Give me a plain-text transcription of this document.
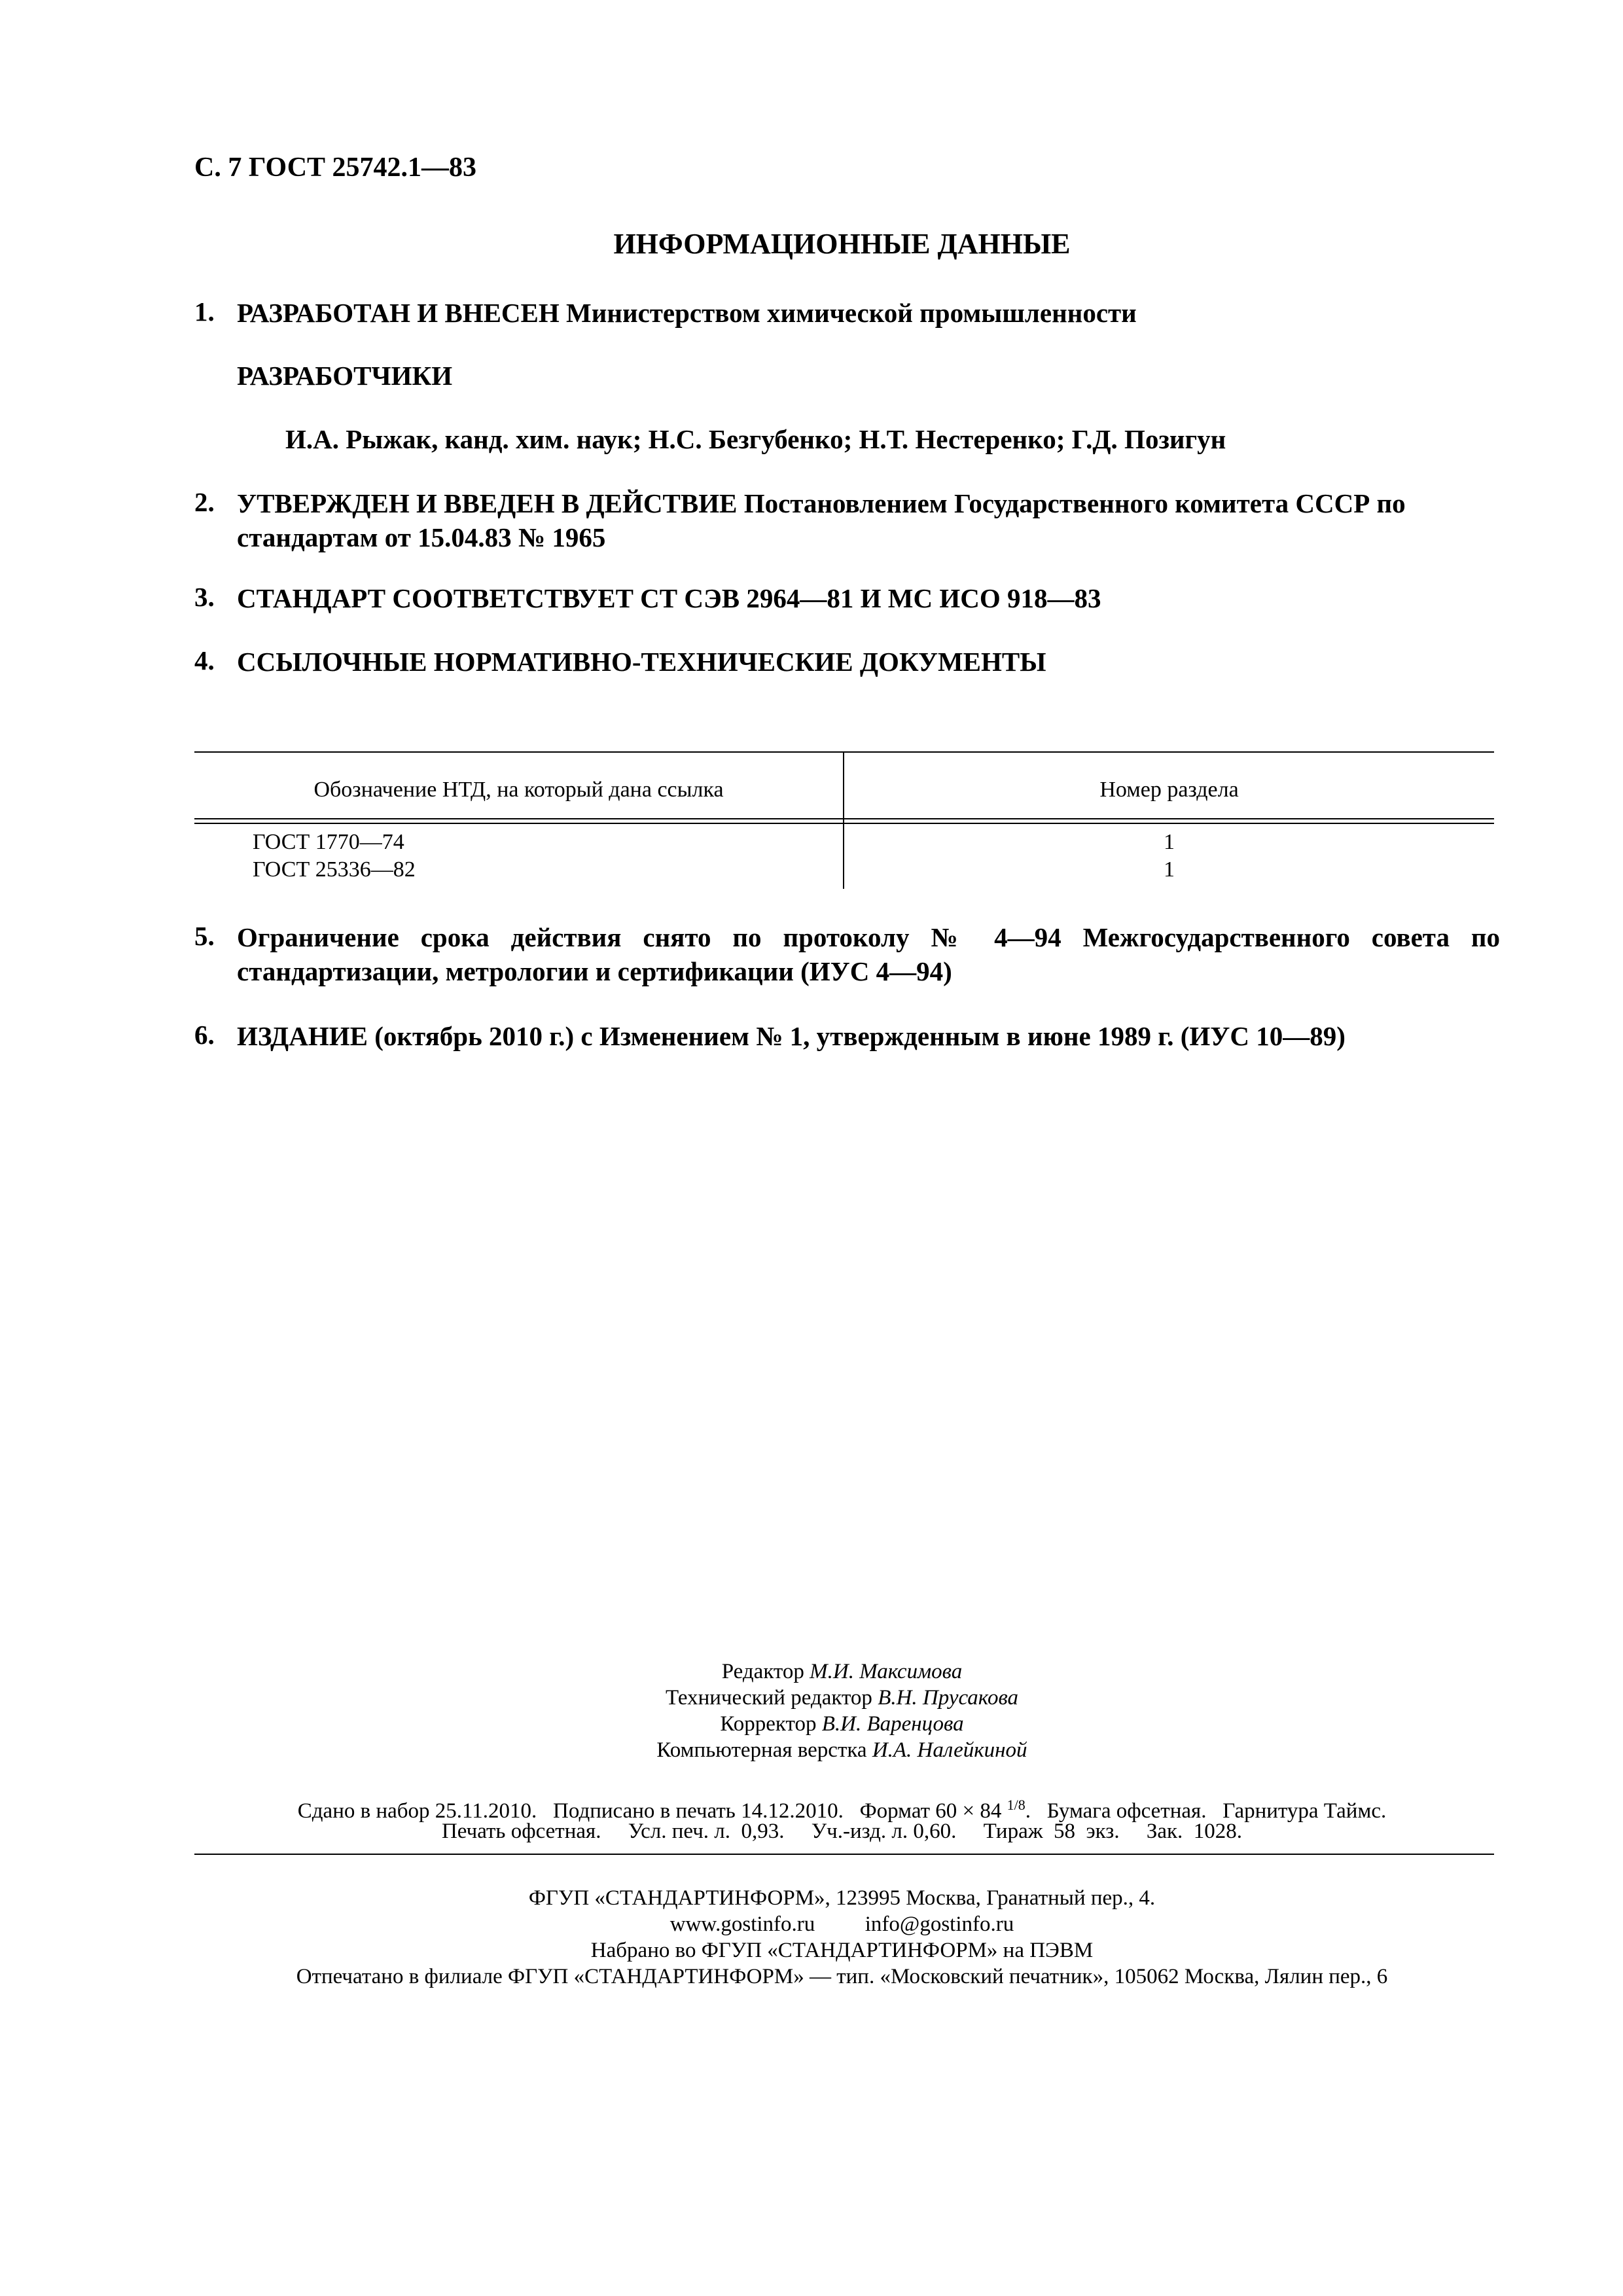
С. 7 ГОСТ 25742.1—83
ИНФОРМАЦИОННЫЕ ДАННЫЕ
1. РАЗРАБОТАН И ВНЕСЕН Министерством химической промышленности
РАЗРАБОТЧИКИ
И.А. Рыжак, канд. хим. наук; Н.С. Безгубенко; Н.Т. Нестеренко; Г.Д. Позигун
2. УТВЕРЖДЕН И ВВЕДЕН В ДЕЙСТВИЕ Постановлением Государственного комитета СССР по стандартам от 15.04.83 № 1965
3. СТАНДАРТ СООТВЕТСТВУЕТ СТ СЭВ 2964—81 И МС ИСО 918—83
4. ССЫЛОЧНЫЕ НОРМАТИВНО-ТЕХНИЧЕСКИЕ ДОКУМЕНТЫ
Обозначение НТД, на который дана ссылка	Номер раздела
ГОСТ 1770—74	1
ГОСТ 25336—82	1
5. Ограничение срока действия снято по протоколу № 4—94 Межгосударственного совета по стандартизации, метрологии и сертификации (ИУС 4—94)
6. ИЗДАНИЕ (октябрь 2010 г.) с Изменением № 1, утвержденным в июне 1989 г. (ИУС 10—89)
Редактор М.И. Максимова
Технический редактор В.Н. Прусакова
Корректор В.И. Варенцова
Компьютерная верстка И.А. Налейкиной
Сдано в набор 25.11.2010.   Подписано в печать 14.12.2010.   Формат 60 × 84 $^{1/8}$.   Бумага офсетная.   Гарнитура Таймс.
Печать офсетная.     Усл. печ. л.  0,93.     Уч.-изд. л. 0,60.     Тираж  58  экз.     Зак.  1028.
ФГУП «СТАНДАРТИНФОРМ», 123995 Москва, Гранатный пер., 4.
www.gostinfo.ru info@gostinfo.ru
Набрано во ФГУП «СТАНДАРТИНФОРМ» на ПЭВМ
Отпечатано в филиале ФГУП «СТАНДАРТИНФОРМ» — тип. «Московский печатник», 105062 Москва, Лялин пер., 6
